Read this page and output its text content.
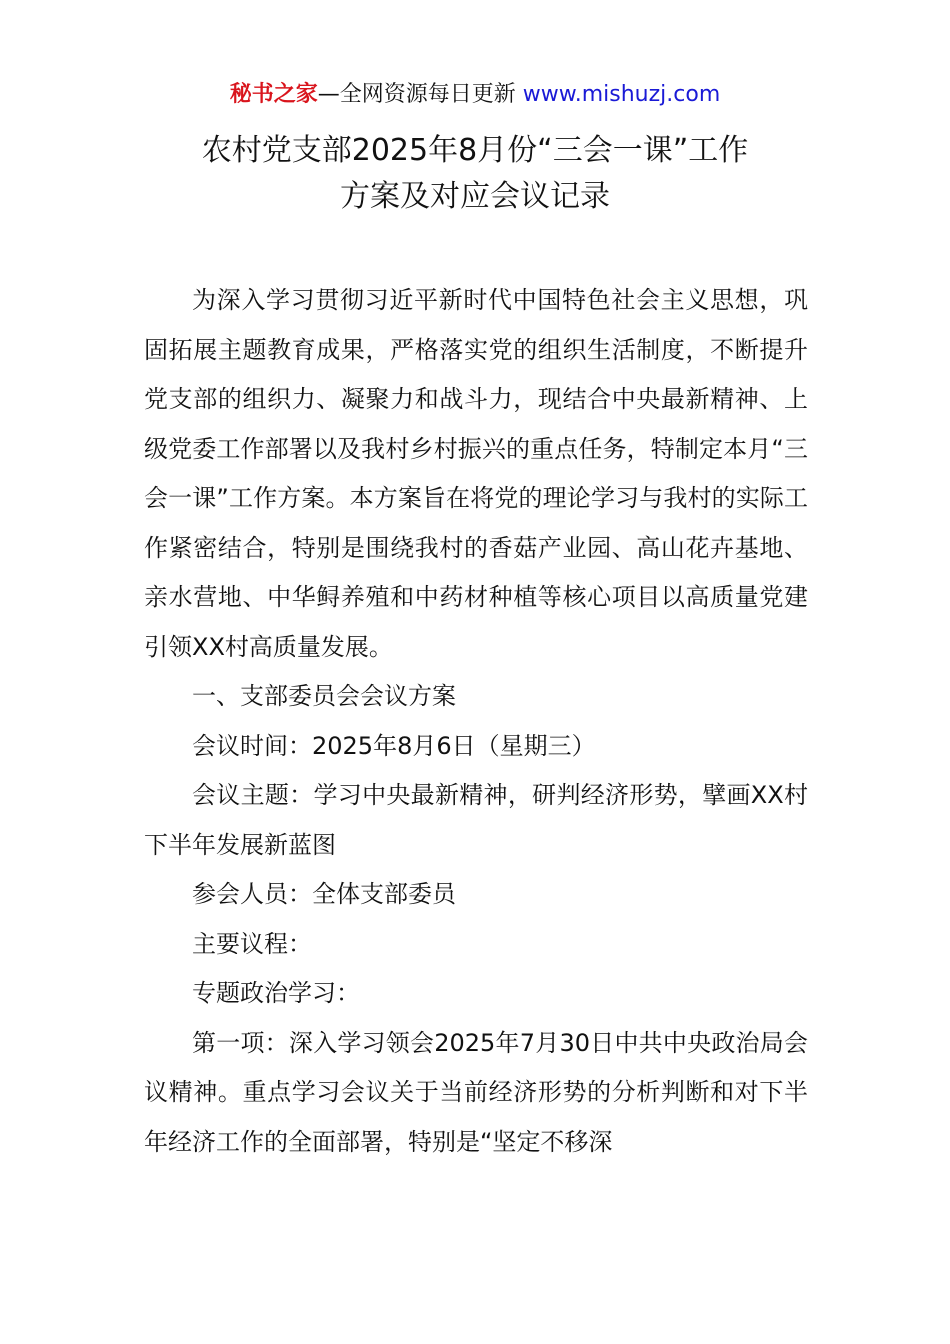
秘书之家—全网资源每日更新 www.mishuzj.com
农村党支部2025年8月份“三会一课”工作
方案及对应会议记录

为深入学习贯彻习近平新时代中国特色社会主义思想，巩固拓展主题教育成果，严格落实党的组织生活制度，不断提升党支部的组织力、凝聚力和战斗力，现结合中央最新精神、上级党委工作部署以及我村乡村振兴的重点任务，特制定本月“三会一课”工作方案。本方案旨在将党的理论学习与我村的实际工作紧密结合，特别是围绕我村的香菇产业园、高山花卉基地、亲水营地、中华鲟养殖和中药材种植等核心项目以高质量党建引领XX村高质量发展。

一、支部委员会会议方案

会议时间：2025年8月6日（星期三）

会议主题：学习中央最新精神，研判经济形势，擘画XX村下半年发展新蓝图

参会人员：全体支部委员

主要议程：

专题政治学习：

第一项：深入学习领会2025年7月30日中共中央政治局会议精神。重点学习会议关于当前经济形势的分析判断和对下半年经济工作的全面部署，特别是“坚定不移深
